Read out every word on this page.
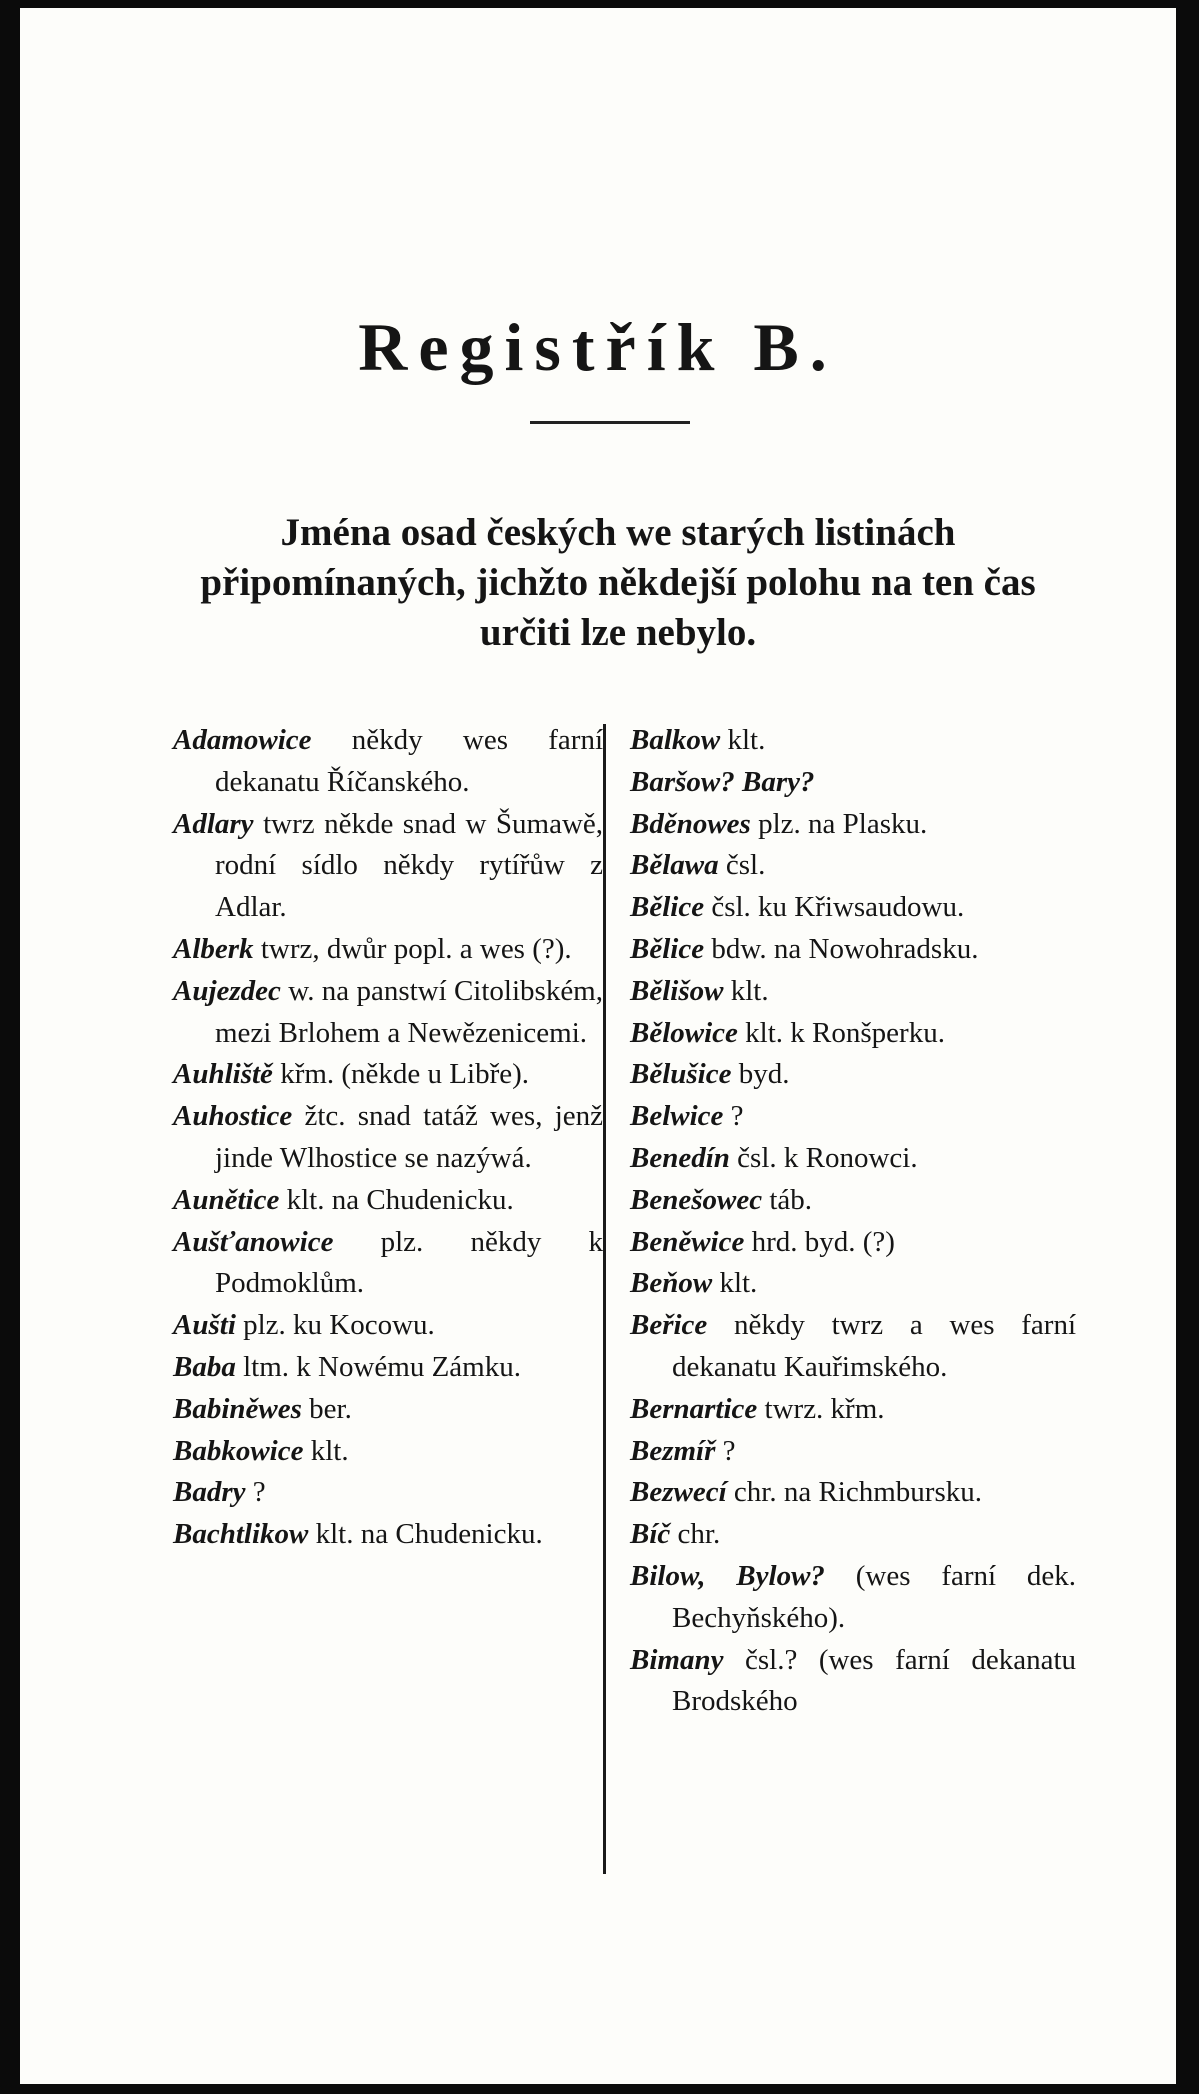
Registřík B.

Jména osad českých we starých listinách připomínaných, jichžto někdejší polohu na ten čas určiti lze nebylo.

Adamowice někdy wes farní dekanatu Říčanského.
Adlary twrz někde snad w Šumawě, rodní sídlo někdy rytířůw z Adlar.
Alberk twrz, dwůr popl. a wes (?).
Aujezdec w. na panstwí Citolibském, mezi Brlohem a Newězenicemi.
Auhliště křm. (někde u Libře).
Auhostice žtc. snad tatáž wes, jenž jinde Wlhostice se nazýwá.
Aunětice klt. na Chudenicku.
Aušťanowice plz. někdy k Podmoklům.
Aušti plz. ku Kocowu.
Baba ltm. k Nowému Zámku.
Babiněwes ber.
Babkowice klt.
Badry ?
Bachtlikow klt. na Chudenicku.
Balkow klt.
Baršow? Bary?
Bděnowes plz. na Plasku.
Bělawa čsl.
Bělice čsl. ku Křiwsaudowu.
Bělice bdw. na Nowohradsku.
Bělišow klt.
Bělowice klt. k Ronšperku.
Bělušice byd.
Belwice ?
Benedín čsl. k Ronowci.
Benešowec táb.
Beněwice hrd. byd. (?)
Beňow klt.
Beřice někdy twrz a wes farní dekanatu Kauřimského.
Bernartice twrz. křm.
Bezmíř ?
Bezwecí chr. na Richmbursku.
Bíč chr.
Bilow, Bylow? (wes farní dek. Bechyňského).
Bimany čsl.? (wes farní dekanatu Brodského
